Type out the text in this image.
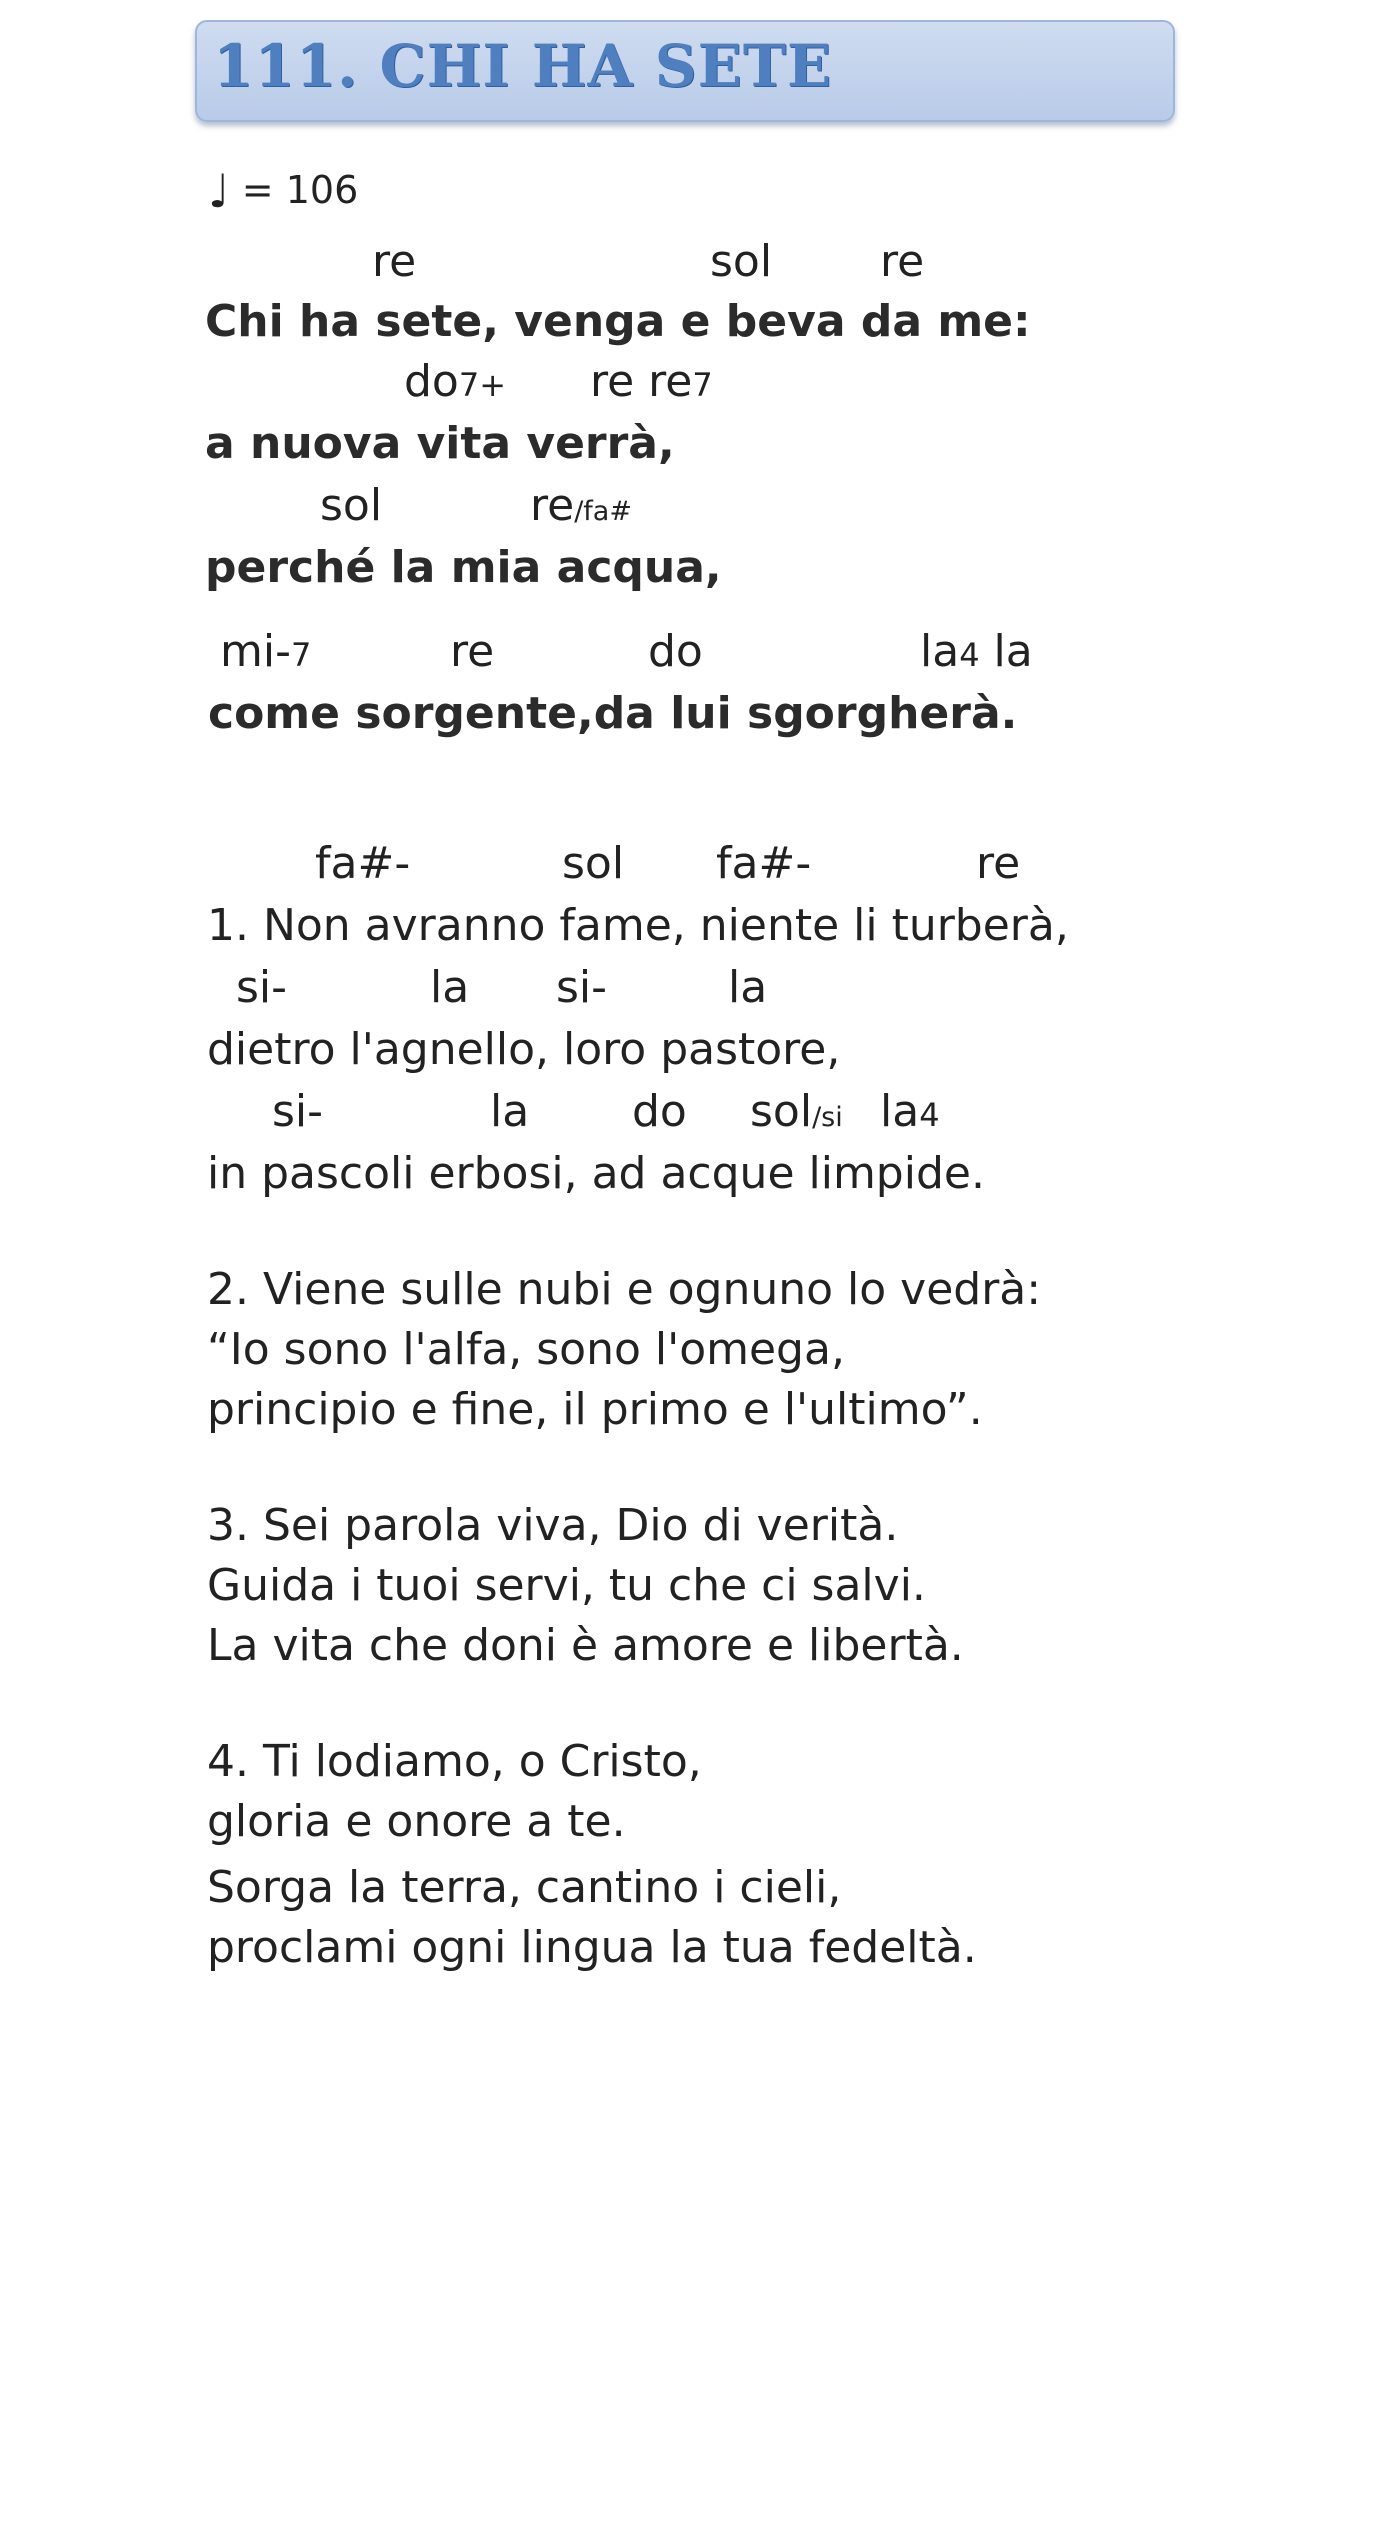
111. CHI HA SETE
♩ = 106
re	sol re
Chi ha sete, venga e beva da me:
do7+ re re7
a nuova vita verrà,
sol	re/fa#
perché la mia acqua,
mi-7	re	do	la4 la
come sorgente,da lui sgorgherà.
fa#-	sol fa#-	re
1. Non avranno fame, niente li turberà,
si-	la si-	la
dietro l'agnello, loro pastore,
si-	la do sol/si la4
in pascoli erbosi, ad acque limpide.
2. Viene sulle nubi e ognuno lo vedrà:
“Io sono l'alfa, sono l'omega,
principio e fine, il primo e l'ultimo”.
3. Sei parola viva, Dio di verità.
Guida i tuoi servi, tu che ci salvi.
La vita che doni è amore e libertà.
4. Ti lodiamo, o Cristo,
gloria e onore a te.
Sorga la terra, cantino i cieli,
proclami ogni lingua la tua fedeltà.
